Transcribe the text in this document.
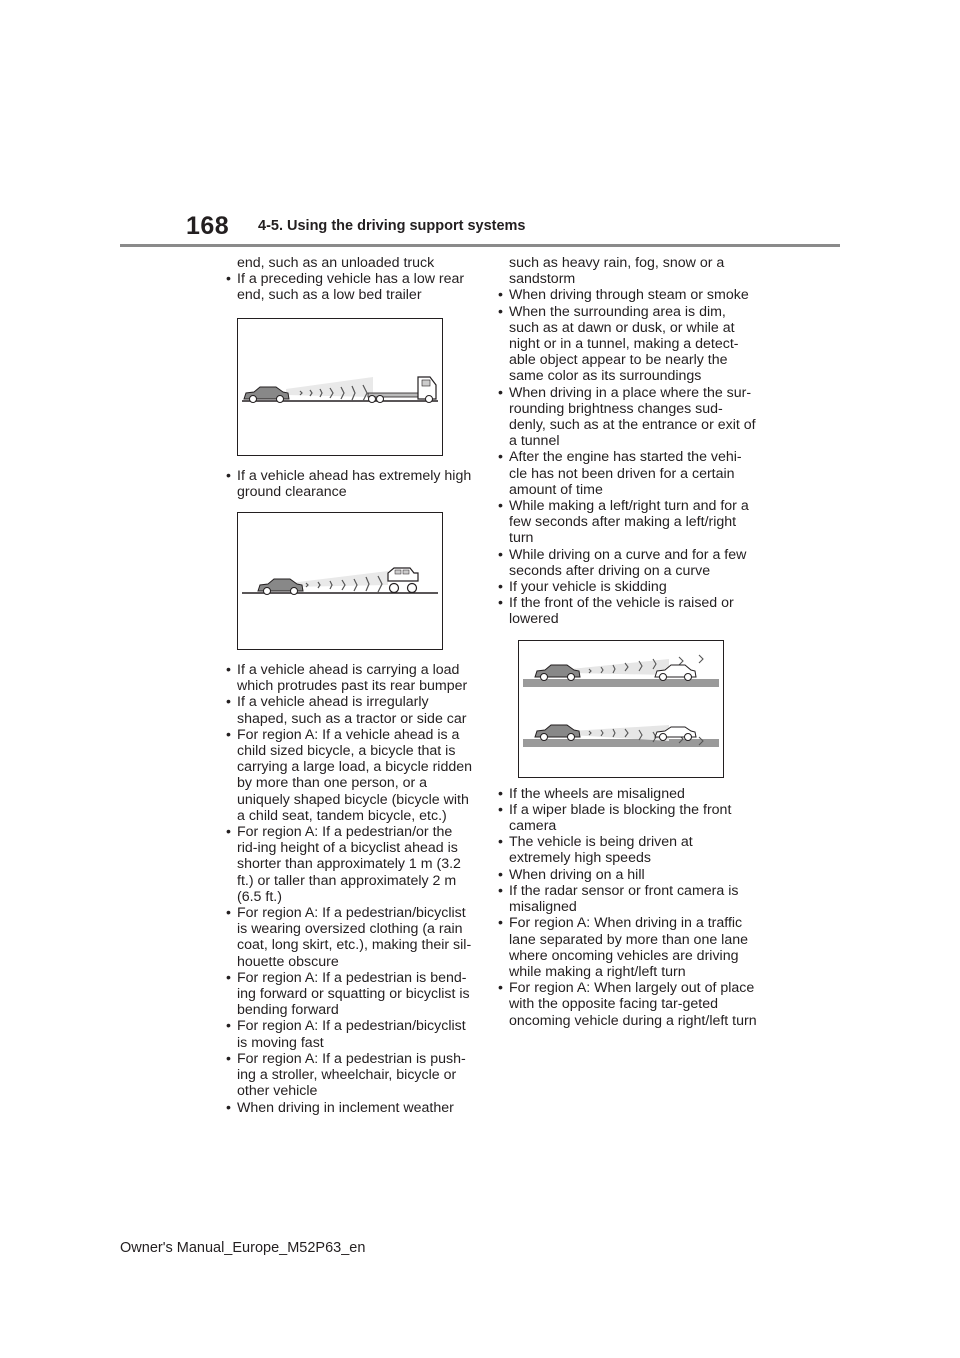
168 4-5. Using the driving support systems

end, such as an unloaded truck

• If a preceding vehicle has a low rear end, such as a low bed trailer
• If a vehicle ahead has extremely high ground clearance
• If a vehicle ahead is carrying a load which protrudes past its rear bumper
• If a vehicle ahead is irregularly shaped, such as a tractor or side car
• For region A: If a vehicle ahead is a child sized bicycle, a bicycle that is carrying a large load, a bicycle ridden by more than one person, or a uniquely shaped bicycle (bicycle with a child seat, tandem bicycle, etc.)
• For region A: If a pedestrian/or the rid-ing height of a bicyclist ahead is shorter than approximately 1 m (3.2 ft.) or taller than approximately 2 m (6.5 ft.)
• For region A: If a pedestrian/bicyclist is wearing oversized clothing (a rain coat, long skirt, etc.), making their sil-houette obscure
• For region A: If a pedestrian is bend-ing forward or squatting or bicyclist is bending forward
• For region A: If a pedestrian/bicyclist is moving fast
• For region A: If a pedestrian is push-ing a stroller, wheelchair, bicycle or other vehicle
• When driving in inclement weather

such as heavy rain, fog, snow or a sandstorm

• When driving through steam or smoke
• When the surrounding area is dim, such as at dawn or dusk, or while at night or in a tunnel, making a detect-able object appear to be nearly the same color as its surroundings
• When driving in a place where the sur-rounding brightness changes sud-denly, such as at the entrance or exit of a tunnel
• After the engine has started the vehi-cle has not been driven for a certain amount of time
• While making a left/right turn and for a few seconds after making a left/right turn
• While driving on a curve and for a few seconds after driving on a curve
• If your vehicle is skidding
• If the front of the vehicle is raised or lowered
• If the wheels are misaligned
• If a wiper blade is blocking the front camera
• The vehicle is being driven at extremely high speeds
• When driving on a hill
• If the radar sensor or front camera is misaligned
• For region A: When driving in a traffic lane separated by more than one lane where oncoming vehicles are driving while making a right/left turn
• For region A: When largely out of place with the opposite facing tar-geted oncoming vehicle during a right/left turn
Owner's Manual_Europe_M52P63_en
